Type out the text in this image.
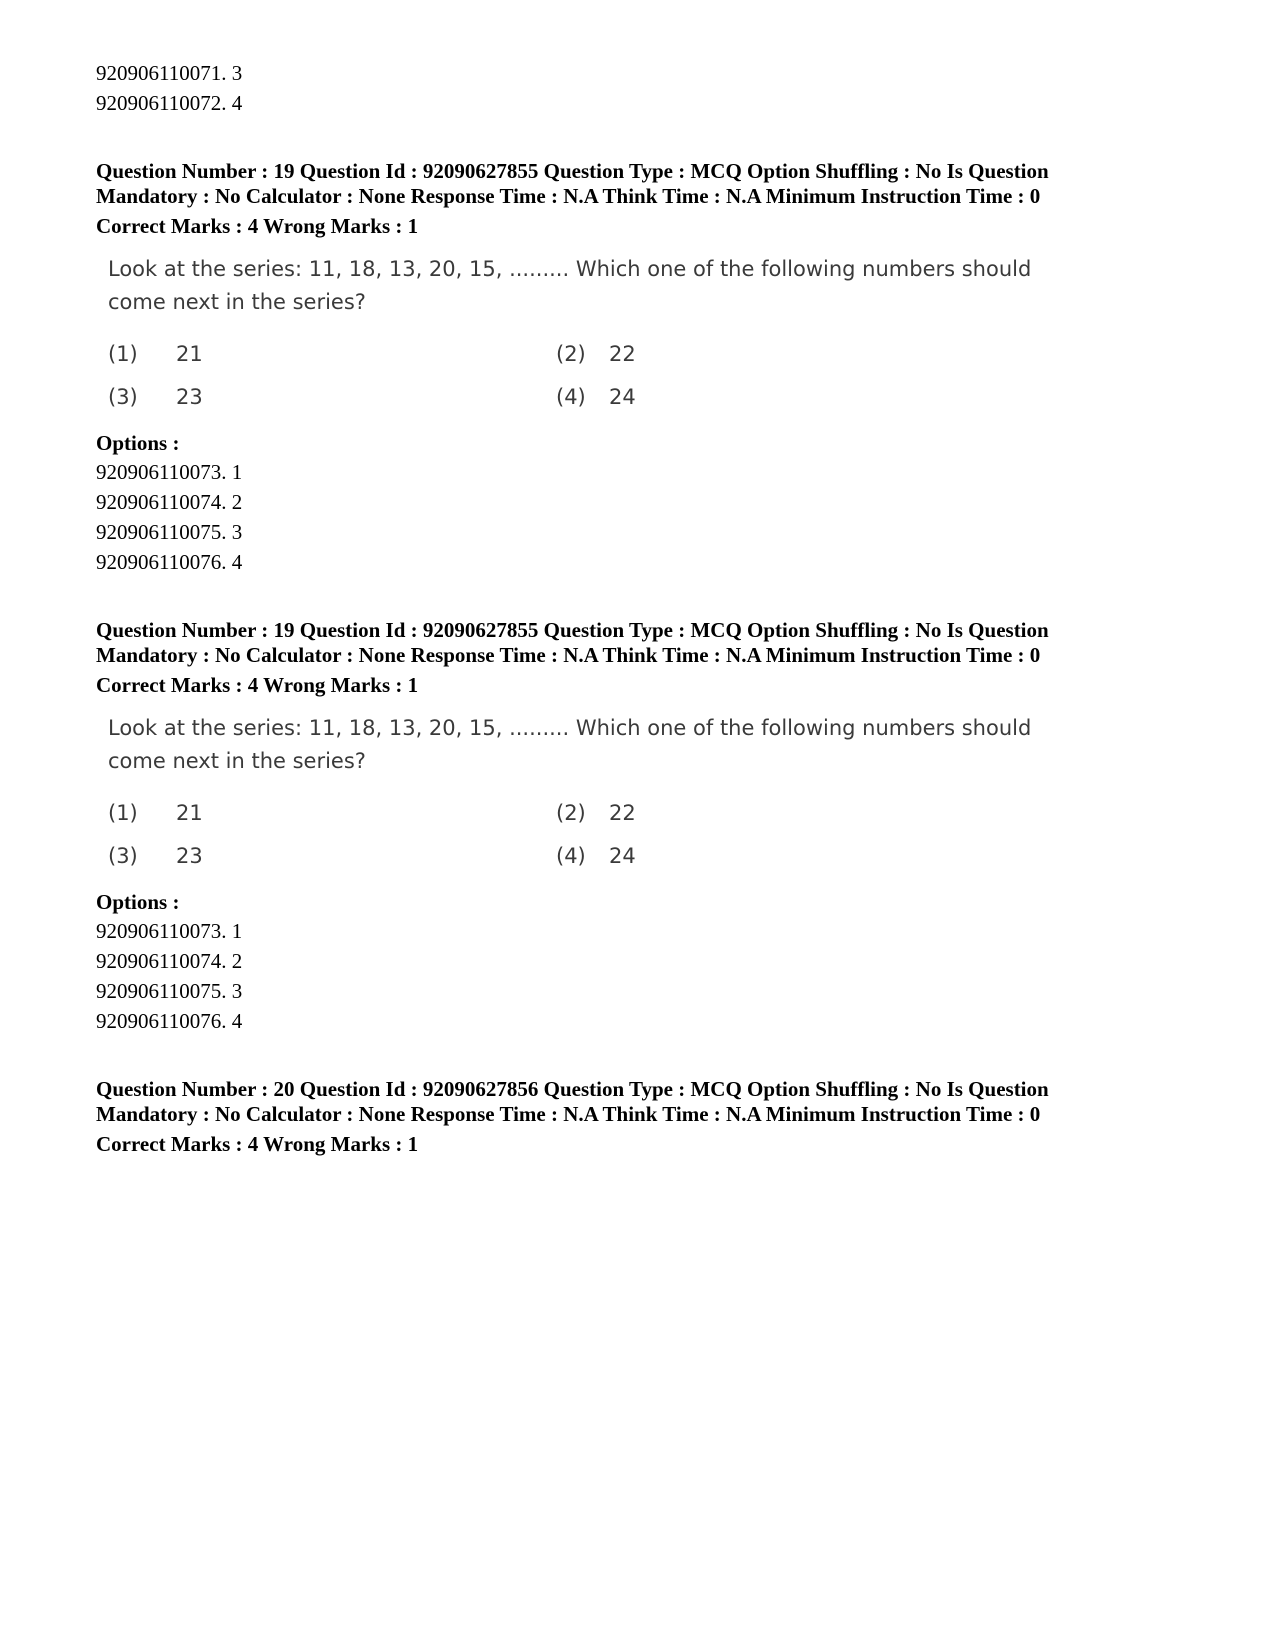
920906110071. 3
920906110072. 4
Question Number : 19 Question Id : 92090627855 Question Type : MCQ Option Shuffling : No Is Question
Mandatory : No Calculator : None Response Time : N.A Think Time : N.A Minimum Instruction Time : 0
Correct Marks : 4 Wrong Marks : 1
Look at the series: 11, 18, 13, 20, 15, ......... Which one of the following numbers should
come next in the series?
(1) 21	(2) 22
(3) 23	(4) 24
Options :
920906110073. 1
920906110074. 2
920906110075. 3
920906110076. 4
Question Number : 19 Question Id : 92090627855 Question Type : MCQ Option Shuffling : No Is Question
Mandatory : No Calculator : None Response Time : N.A Think Time : N.A Minimum Instruction Time : 0
Correct Marks : 4 Wrong Marks : 1
Look at the series: 11, 18, 13, 20, 15, ......... Which one of the following numbers should
come next in the series?
(1) 21	(2) 22
(3) 23	(4) 24
Options :
920906110073. 1
920906110074. 2
920906110075. 3
920906110076. 4
Question Number : 20 Question Id : 92090627856 Question Type : MCQ Option Shuffling : No Is Question
Mandatory : No Calculator : None Response Time : N.A Think Time : N.A Minimum Instruction Time : 0
Correct Marks : 4 Wrong Marks : 1
